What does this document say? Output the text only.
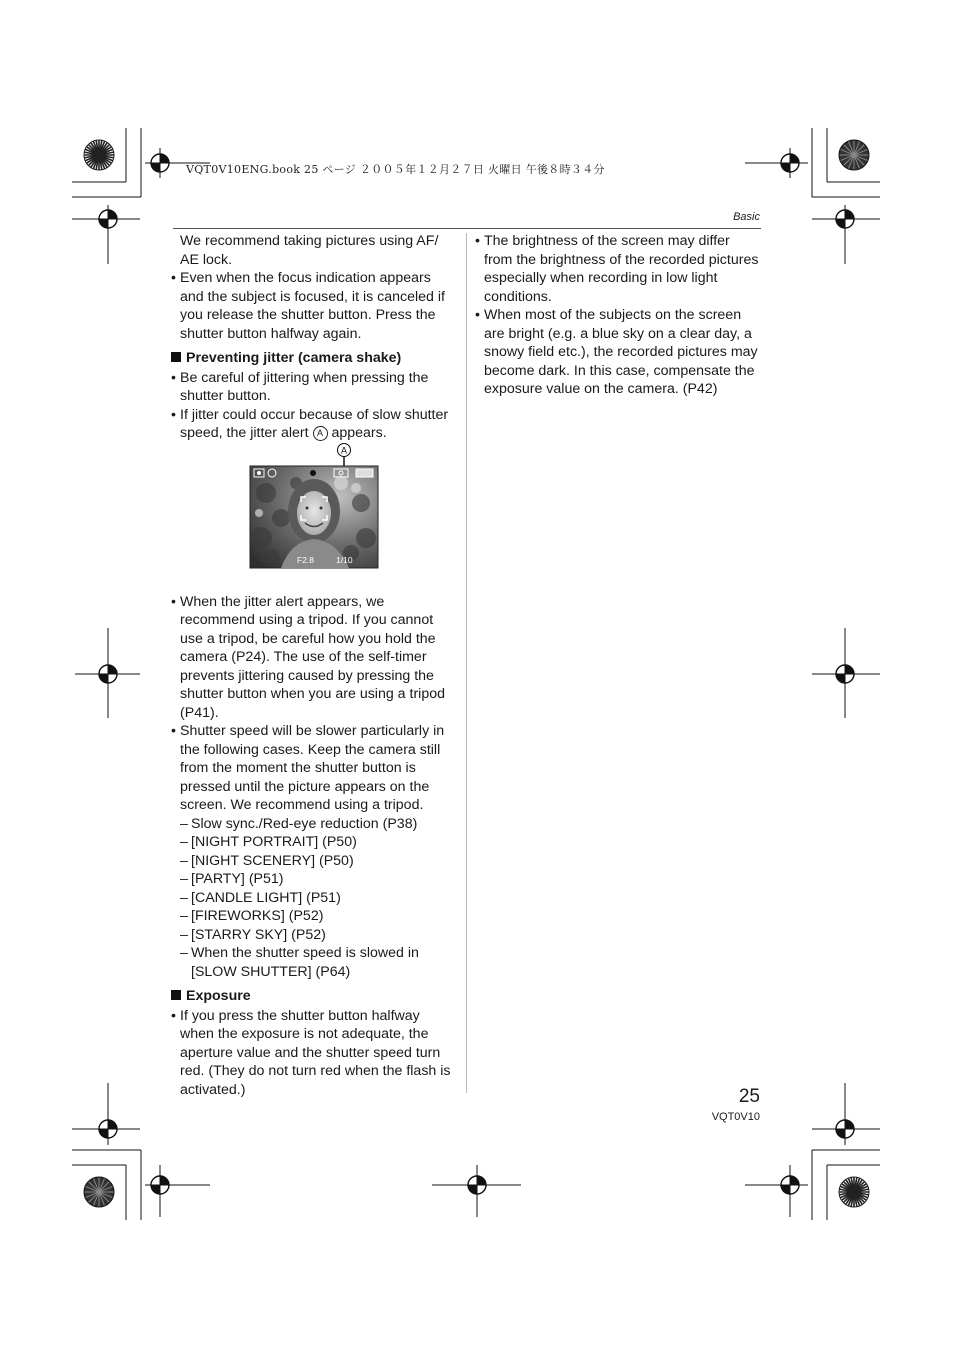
VQT0V10ENG.book 25 ページ ２００５年１２月２７日 火曜日 午後８時３４分
Basic
We recommend taking pictures using AF/ AE lock.
• Even when the focus indication appears and the subject is focused, it is canceled if you release the shutter button. Press the shutter button halfway again.
Preventing jitter (camera shake)
• Be careful of jittering when pressing the shutter button.
• If jitter could occur because of slow shutter speed, the jitter alert A appears.
A
F2.8	1/10
• When the jitter alert appears, we recommend using a tripod. If you cannot use a tripod, be careful how you hold the camera (P24). The use of the self-timer prevents jittering caused by pressing the shutter button when you are using a tripod (P41).
• Shutter speed will be slower particularly in the following cases. Keep the camera still from the moment the shutter button is pressed until the picture appears on the screen. We recommend using a tripod.
– Slow sync./Red-eye reduction (P38)
– [NIGHT PORTRAIT] (P50)
– [NIGHT SCENERY] (P50)
– [PARTY] (P51)
– [CANDLE LIGHT] (P51)
– [FIREWORKS] (P52)
– [STARRY SKY] (P52)
– When the shutter speed is slowed in [SLOW SHUTTER] (P64)
Exposure
• If you press the shutter button halfway when the exposure is not adequate, the aperture value and the shutter speed turn red. (They do not turn red when the flash is activated.)
• The brightness of the screen may differ from the brightness of the recorded pictures especially when recording in low light conditions.
• When most of the subjects on the screen are bright (e.g. a blue sky on a clear day, a snowy field etc.), the recorded pictures may become dark. In this case, compensate the exposure value on the camera. (P42)
25
VQT0V10
